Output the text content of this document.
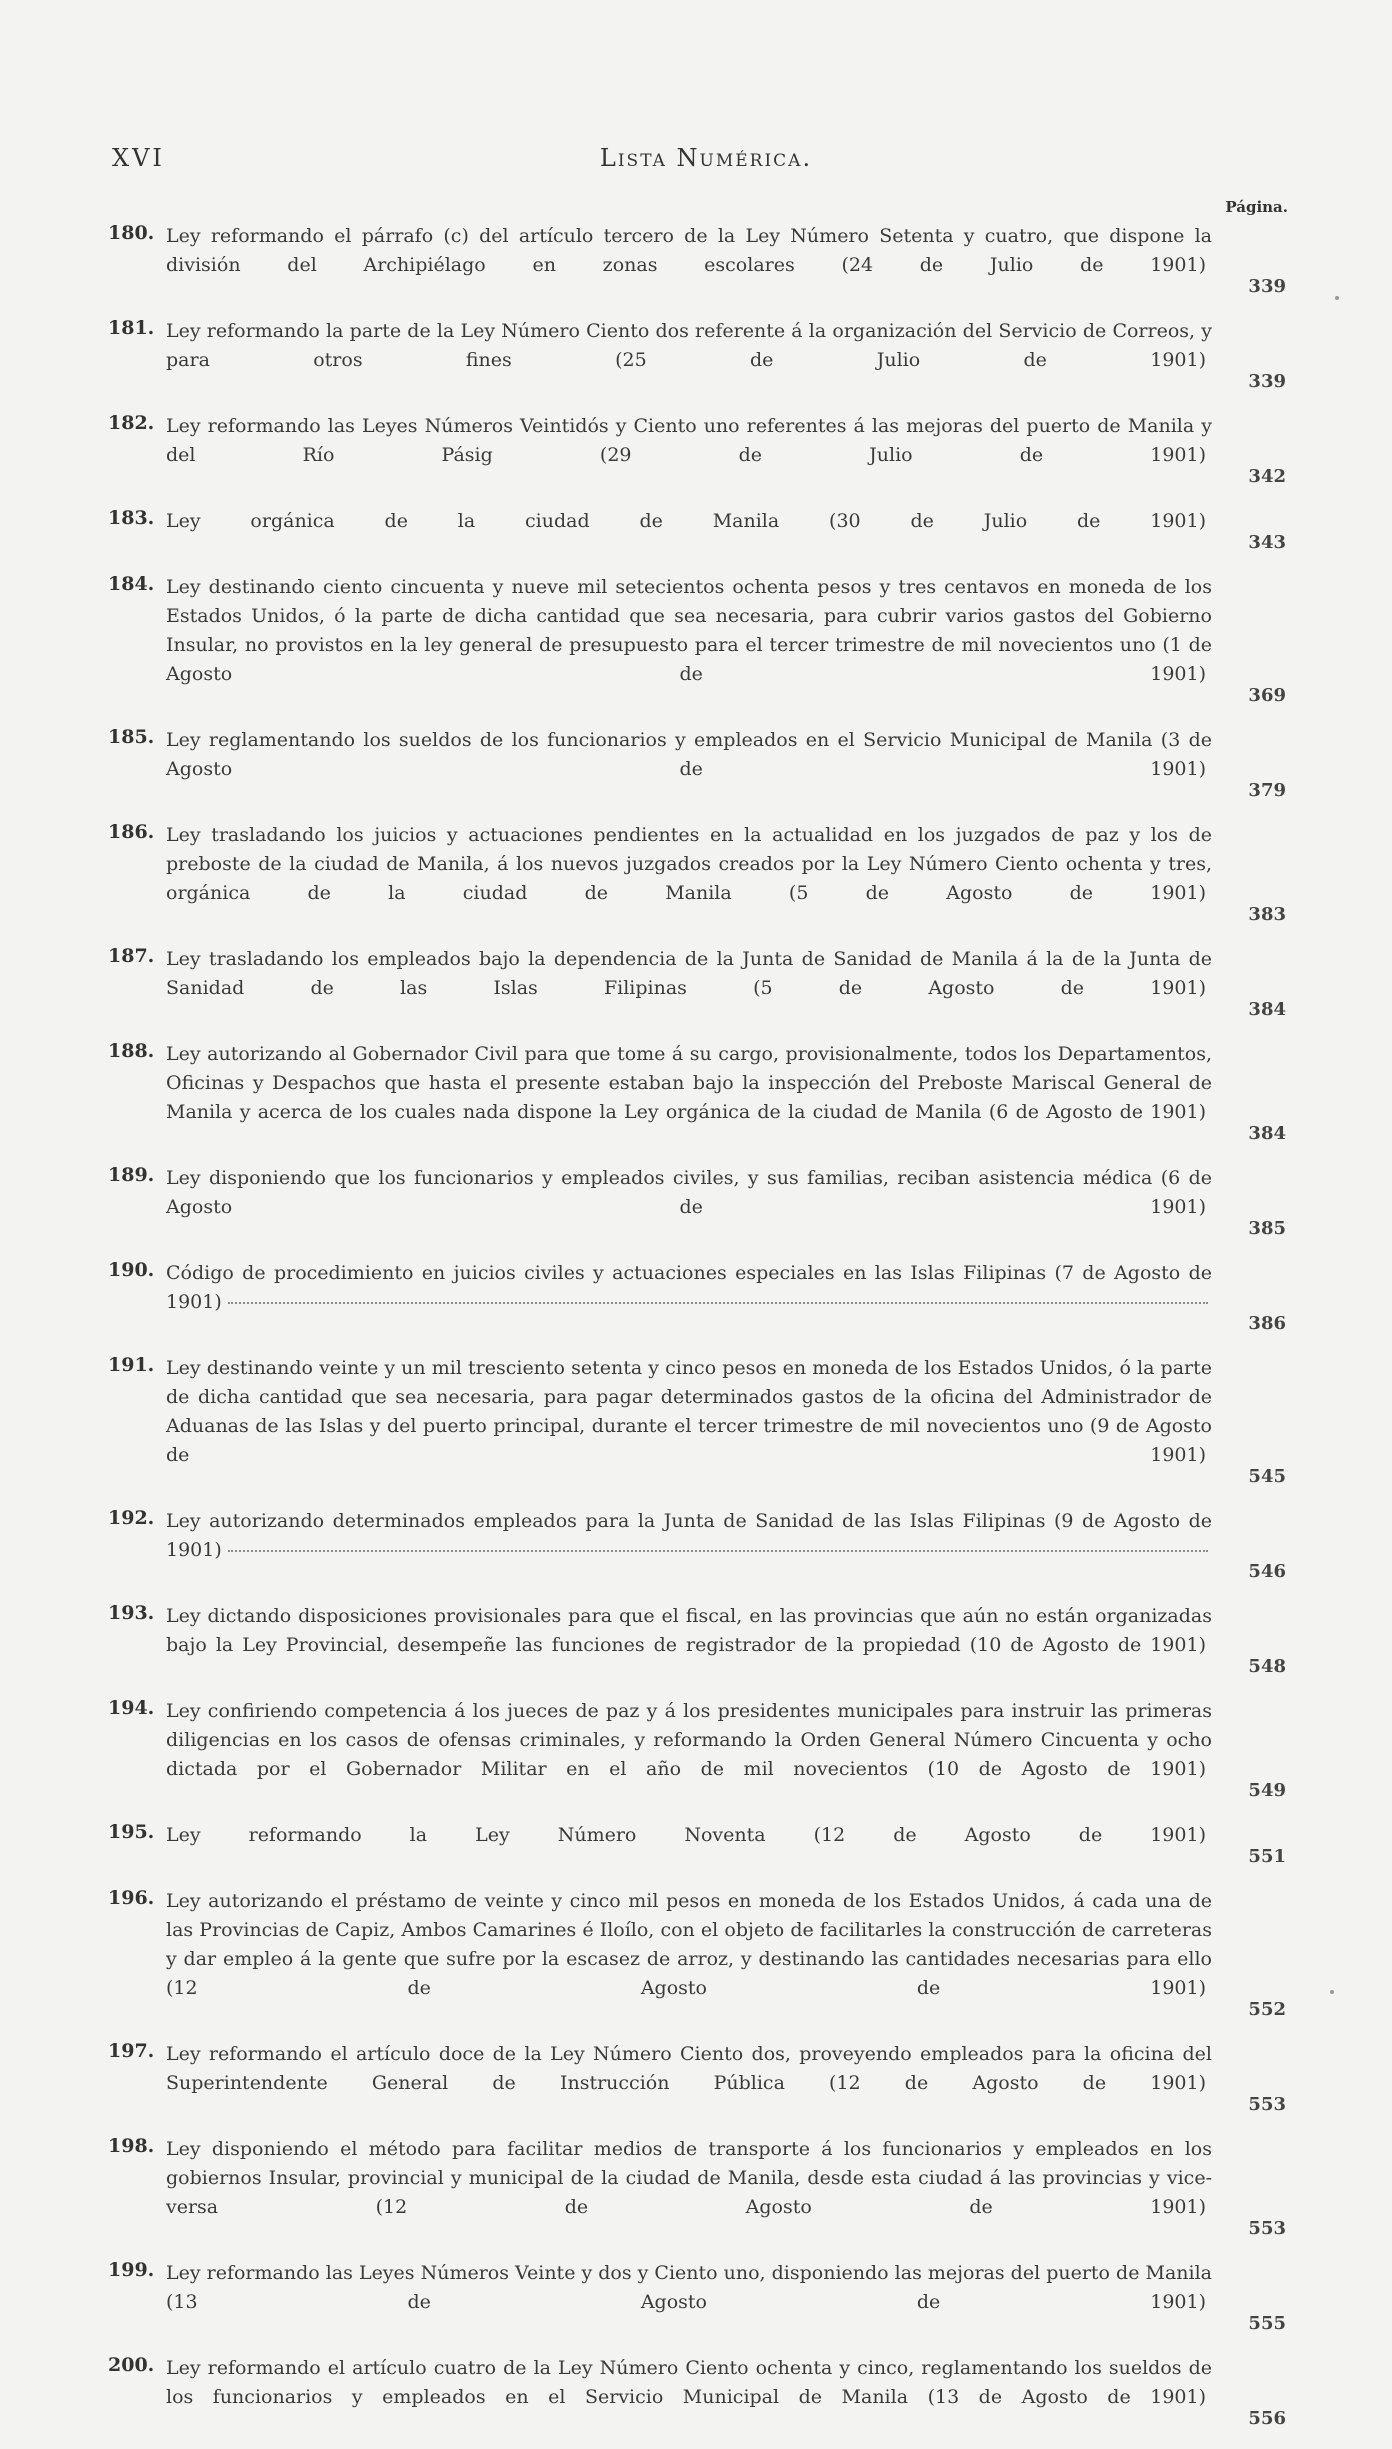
XVI	Lista Numérica.
Página.
180. Ley reformando el párrafo (c) del artículo tercero de la Ley Número Setenta y cuatro, que dispone la división del Archipiélago en zonas escolares (24 de Julio de 1901)
339
181. Ley reformando la parte de la Ley Número Ciento dos referente á la organización del Servicio de Correos, y para otros fines (25 de Julio de 1901)
339
182. Ley reformando las Leyes Números Veintidós y Ciento uno referentes á las mejoras del puerto de Manila y del Río Pásig (29 de Julio de 1901)
342
183. Ley orgánica de la ciudad de Manila (30 de Julio de 1901)
343
184. Ley destinando ciento cincuenta y nueve mil setecientos ochenta pesos y tres centavos en moneda de los Estados Unidos, ó la parte de dicha cantidad que sea necesaria, para cubrir varios gastos del Gobierno Insular, no provistos en la ley general de presupuesto para el tercer trimestre de mil novecientos uno (1 de Agosto de 1901)
369
185. Ley reglamentando los sueldos de los funcionarios y empleados en el Servicio Municipal de Manila (3 de Agosto de 1901)
379
186. Ley trasladando los juicios y actuaciones pendientes en la actualidad en los juzgados de paz y los de preboste de la ciudad de Manila, á los nuevos juzgados creados por la Ley Número Ciento ochenta y tres, orgánica de la ciudad de Manila (5 de Agosto de 1901)
383
187. Ley trasladando los empleados bajo la dependencia de la Junta de Sanidad de Manila á la de la Junta de Sanidad de las Islas Filipinas (5 de Agosto de 1901)
384
188. Ley autorizando al Gobernador Civil para que tome á su cargo, provisionalmente, todos los Departamentos, Oficinas y Despachos que hasta el presente estaban bajo la inspección del Preboste Mariscal General de Manila y acerca de los cuales nada dispone la Ley orgánica de la ciudad de Manila (6 de Agosto de 1901)
384
189. Ley disponiendo que los funcionarios y empleados civiles, y sus familias, reciban asistencia médica (6 de Agosto de 1901)
385
190. Código de procedimiento en juicios civiles y actuaciones especiales en las Islas Filipinas (7 de Agosto de 1901)
386
191. Ley destinando veinte y un mil tresciento setenta y cinco pesos en moneda de los Estados Unidos, ó la parte de dicha cantidad que sea necesaria, para pagar determinados gastos de la oficina del Administrador de Aduanas de las Islas y del puerto principal, durante el tercer trimestre de mil novecientos uno (9 de Agosto de 1901)
545
192. Ley autorizando determinados empleados para la Junta de Sanidad de las Islas Filipinas (9 de Agosto de 1901)
546
193. Ley dictando disposiciones provisionales para que el fiscal, en las provincias que aún no están organizadas bajo la Ley Provincial, desempeñe las funciones de registrador de la propiedad (10 de Agosto de 1901)
548
194. Ley confiriendo competencia á los jueces de paz y á los presidentes municipales para instruir las primeras diligencias en los casos de ofensas criminales, y reformando la Orden General Número Cincuenta y ocho dictada por el Gobernador Militar en el año de mil novecientos (10 de Agosto de 1901)
549
195. Ley reformando la Ley Número Noventa (12 de Agosto de 1901)
551
196. Ley autorizando el préstamo de veinte y cinco mil pesos en moneda de los Estados Unidos, á cada una de las Provincias de Capiz, Ambos Camarines é Iloílo, con el objeto de facilitarles la construcción de carreteras y dar empleo á la gente que sufre por la escasez de arroz, y destinando las cantidades necesarias para ello (12 de Agosto de 1901)
552
197. Ley reformando el artículo doce de la Ley Número Ciento dos, proveyendo empleados para la oficina del Superintendente General de Instrucción Pública (12 de Agosto de 1901)
553
198. Ley disponiendo el método para facilitar medios de transporte á los funcionarios y empleados en los gobiernos Insular, provincial y municipal de la ciudad de Manila, desde esta ciudad á las provincias y vice-versa (12 de Agosto de 1901)
553
199. Ley reformando las Leyes Números Veinte y dos y Ciento uno, disponiendo las mejoras del puerto de Manila (13 de Agosto de 1901)
555
200. Ley reformando el artículo cuatro de la Ley Número Ciento ochenta y cinco, reglamentando los sueldos de los funcionarios y empleados en el Servicio Municipal de Manila (13 de Agosto de 1901)
556
